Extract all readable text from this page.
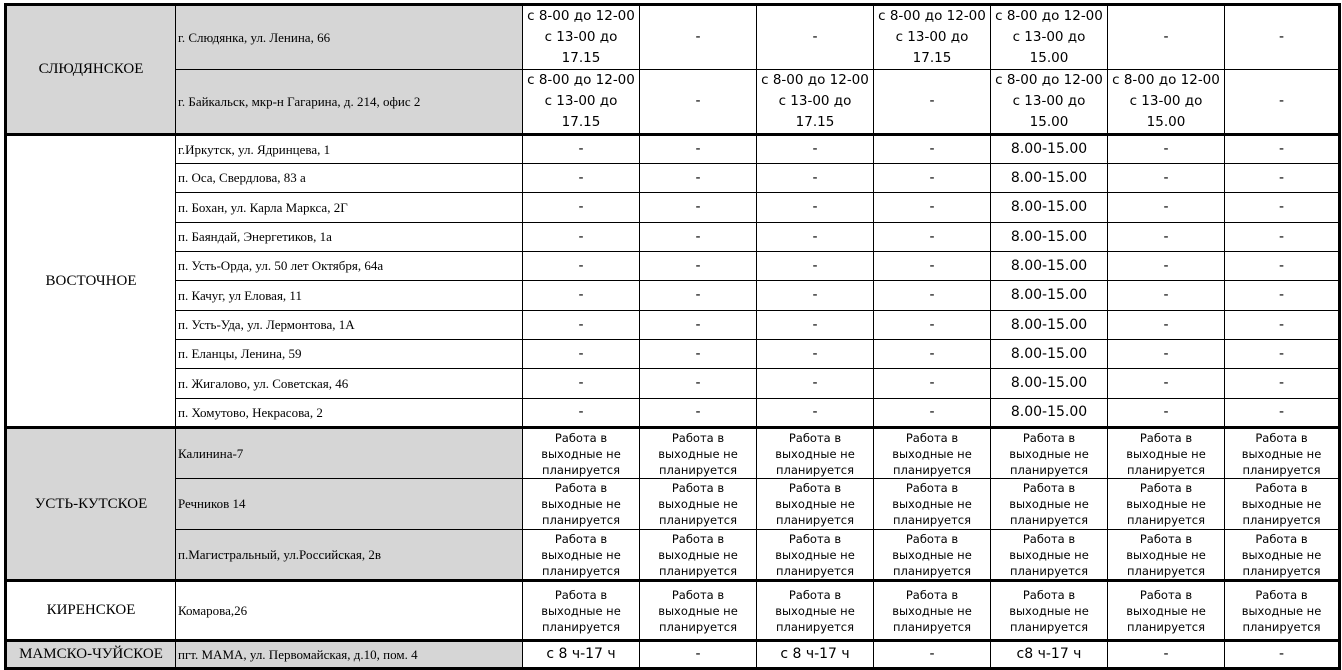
СЛЮДЯНСКОЕ	г. Слюдянка, ул. Ленина, 66	с 8-00 до 12-00 с 13-00 до 17.15	-	-	с 8-00 до 12-00 с 13-00 до 17.15	с 8-00 до 12-00 с 13-00 до 15.00	-	-
	г. Байкальск, мкр-н Гагарина, д. 214, офис 2	с 8-00 до 12-00 с 13-00 до 17.15	-	с 8-00 до 12-00 с 13-00 до 17.15	-	с 8-00 до 12-00 с 13-00 до 15.00	с 8-00 до 12-00 с 13-00 до 15.00	-
ВОСТОЧНОЕ	г.Иркутск, ул. Ядринцева, 1	-	-	-	-	8.00-15.00	-	-
	п. Оса, Свердлова, 83 а	-	-	-	-	8.00-15.00	-	-
	п. Бохан, ул. Карла Маркса, 2Г	-	-	-	-	8.00-15.00	-	-
	п. Баяндай, Энергетиков, 1а	-	-	-	-	8.00-15.00	-	-
	п. Усть-Орда, ул. 50 лет Октября, 64а	-	-	-	-	8.00-15.00	-	-
	п. Качуг, ул Еловая, 11	-	-	-	-	8.00-15.00	-	-
	п. Усть-Уда, ул. Лермонтова, 1А	-	-	-	-	8.00-15.00	-	-
	п. Еланцы, Ленина, 59	-	-	-	-	8.00-15.00	-	-
	п. Жигалово, ул. Советская, 46	-	-	-	-	8.00-15.00	-	-
	п. Хомутово, Некрасова, 2	-	-	-	-	8.00-15.00	-	-
УСТЬ-КУТСКОЕ	Калинина-7	Работа в выходные не планируется	Работа в выходные не планируется	Работа в выходные не планируется	Работа в выходные не планируется	Работа в выходные не планируется	Работа в выходные не планируется	Работа в выходные не планируется
	Речников 14	Работа в выходные не планируется	Работа в выходные не планируется	Работа в выходные не планируется	Работа в выходные не планируется	Работа в выходные не планируется	Работа в выходные не планируется	Работа в выходные не планируется
	п.Магистральный, ул.Российская, 2в	Работа в выходные не планируется	Работа в выходные не планируется	Работа в выходные не планируется	Работа в выходные не планируется	Работа в выходные не планируется	Работа в выходные не планируется	Работа в выходные не планируется
КИРЕНСКОЕ	Комарова,26	Работа в выходные не планируется	Работа в выходные не планируется	Работа в выходные не планируется	Работа в выходные не планируется	Работа в выходные не планируется	Работа в выходные не планируется	Работа в выходные не планируется
МАМСКО-ЧУЙСКОЕ	пгт. МАМА, ул. Первомайская, д.10, пом. 4	с 8 ч-17 ч	-	с 8 ч-17 ч	-	с8 ч-17 ч	-	-
